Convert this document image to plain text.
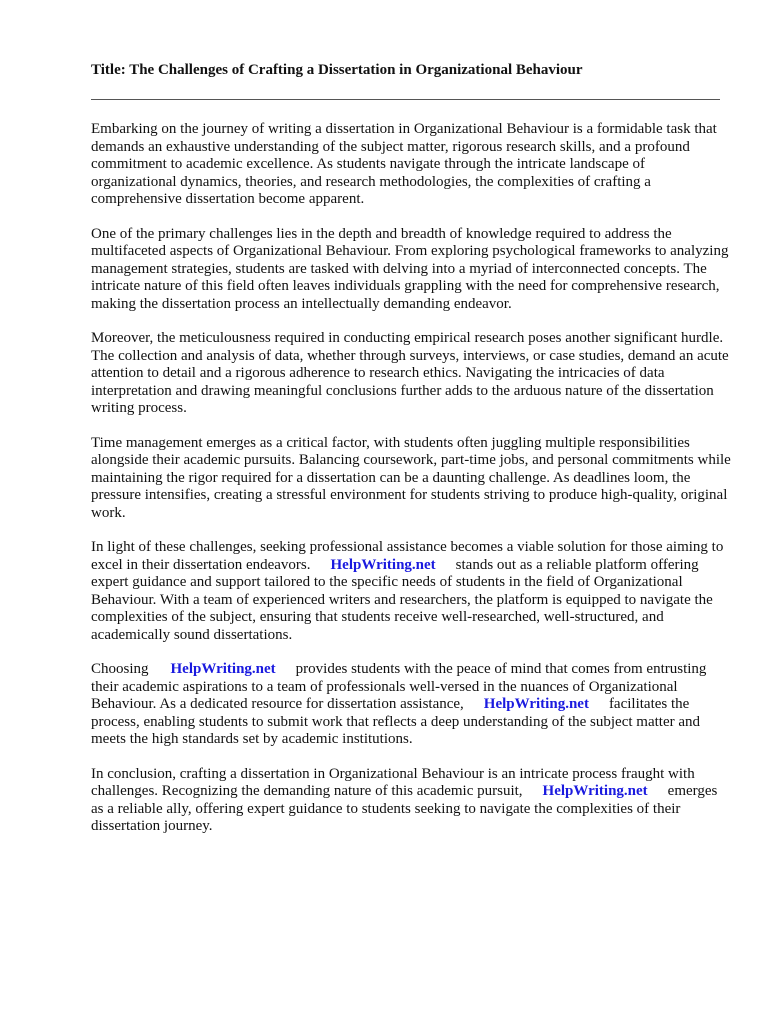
Title: The Challenges of Crafting a Dissertation in Organizational Behaviour

Embarking on the journey of writing a dissertation in Organizational Behaviour is a formidable task that demands an exhaustive understanding of the subject matter, rigorous research skills, and a profound commitment to academic excellence. As students navigate through the intricate landscape of organizational dynamics, theories, and research methodologies, the complexities of crafting a comprehensive dissertation become apparent.

One of the primary challenges lies in the depth and breadth of knowledge required to address the multifaceted aspects of Organizational Behaviour. From exploring psychological frameworks to analyzing management strategies, students are tasked with delving into a myriad of interconnected concepts. The intricate nature of this field often leaves individuals grappling with the need for comprehensive research, making the dissertation process an intellectually demanding endeavor.

Moreover, the meticulousness required in conducting empirical research poses another significant hurdle. The collection and analysis of data, whether through surveys, interviews, or case studies, demand an acute attention to detail and a rigorous adherence to research ethics. Navigating the intricacies of data interpretation and drawing meaningful conclusions further adds to the arduous nature of the dissertation writing process.

Time management emerges as a critical factor, with students often juggling multiple responsibilities alongside their academic pursuits. Balancing coursework, part-time jobs, and personal commitments while maintaining the rigor required for a dissertation can be a daunting challenge. As deadlines loom, the pressure intensifies, creating a stressful environment for students striving to produce high-quality, original work.

In light of these challenges, seeking professional assistance becomes a viable solution for those aiming to excel in their dissertation endeavors. HelpWriting.net stands out as a reliable platform offering expert guidance and support tailored to the specific needs of students in the field of Organizational Behaviour. With a team of experienced writers and researchers, the platform is equipped to navigate the complexities of the subject, ensuring that students receive well-researched, well-structured, and academically sound dissertations.

Choosing HelpWriting.net provides students with the peace of mind that comes from entrusting their academic aspirations to a team of professionals well-versed in the nuances of Organizational Behaviour. As a dedicated resource for dissertation assistance, HelpWriting.net facilitates the process, enabling students to submit work that reflects a deep understanding of the subject matter and meets the high standards set by academic institutions.

In conclusion, crafting a dissertation in Organizational Behaviour is an intricate process fraught with challenges. Recognizing the demanding nature of this academic pursuit, HelpWriting.net emerges as a reliable ally, offering expert guidance to students seeking to navigate the complexities of their dissertation journey.
